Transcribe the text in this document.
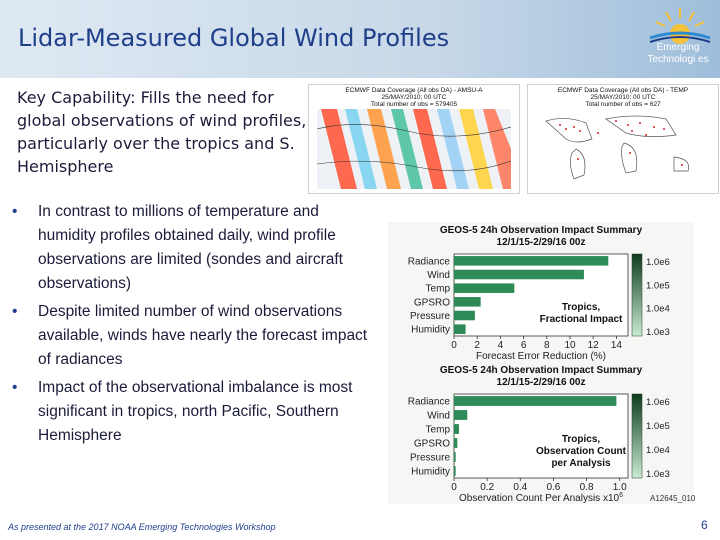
Lidar-Measured Global Wind Profiles	Emerging Technologi es
Key Capability: Fills the need for global observations of wind profiles, particularly over the tropics and S. Hemisphere
ECMWF Data Coverage (All obs DA) - AMSU-A
25/MAY/2010; 00 UTC
Total number of obs = 579405
ECMWF Data Coverage (All obs DA) - TEMP
25/MAY/2010; 00 UTC
Total number of obs = 627
• In contrast to millions of temperature and humidity profiles obtained daily, wind profile observations are limited (sondes and aircraft observations)
• Despite limited number of wind observations available, winds have nearly the forecast impact of radiances
• Impact of the observational imbalance is most significant in tropics, north Pacific, Southern Hemisphere
GEOS-5 24h Observation Impact Summary
12/1/15-2/29/16 00z
Radiance
Wind
Temp
GPSRO
Pressure
Humidity
1.0e6
1.0e5
1.0e4
1.0e3
0 2 4 6 8 10 12 14
Forecast Error Reduction (%)
Tropics,
Fractional Impact
GEOS-5 24h Observation Impact Summary
12/1/15-2/29/16 00z
Radiance
Wind
Temp
GPSRO
Pressure
Humidity
1.0e6
1.0e5
1.0e4
1.0e3
0 0.2 0.4 0.6 0.8 1.0
Observation Count Per Analysis $x10^6$
Tropics,
Observation Count
per Analysis
A12645_010
As presented at the 2017 NOAA Emerging Technologies Workshop	6
